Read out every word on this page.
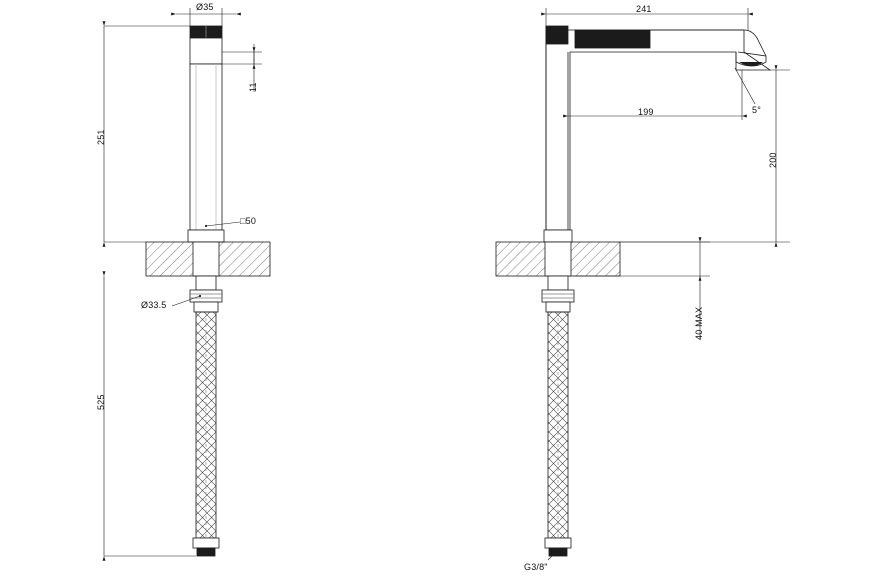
Ø35
251
525
11
□50
Ø33.5
241
199	5°
200
40 MAX
G3/8"
